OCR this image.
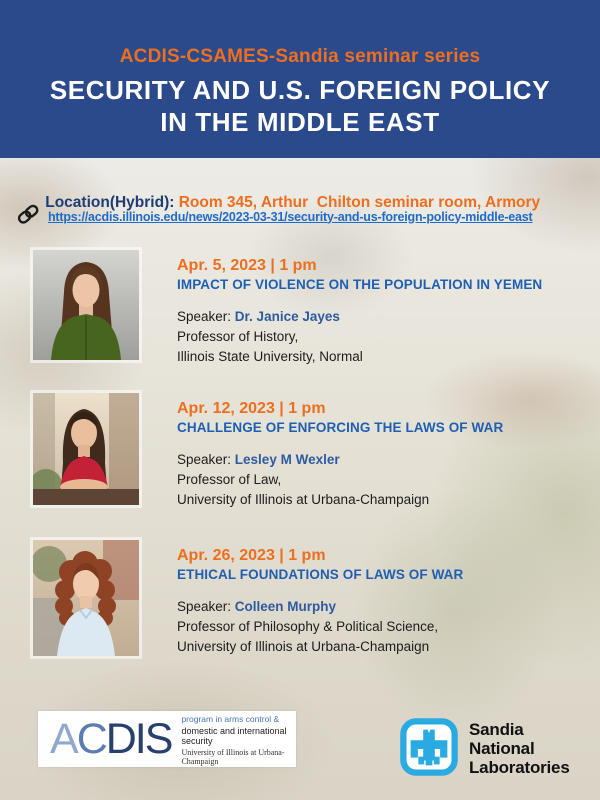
ACDIS-CSAMES-Sandia seminar series
SECURITY AND U.S. FOREIGN POLICY
IN THE MIDDLE EAST

Location(Hybrid): Room 345, Arthur  Chilton seminar room, Armory

https://acdis.illinois.edu/news/2023-03-31/security-and-us-foreign-policy-middle-east
Apr. 5, 2023 | 1 pm
IMPACT OF VIOLENCE ON THE POPULATION IN YEMEN
Speaker: Dr. Janice Jayes
Professor of History,
Illinois State University, Normal
Apr. 12, 2023 | 1 pm
CHALLENGE OF ENFORCING THE LAWS OF WAR
Speaker: Lesley M Wexler
Professor of Law,
University of Illinois at Urbana-Champaign
Apr. 26, 2023 | 1 pm
ETHICAL FOUNDATIONS OF LAWS OF WAR
Speaker: Colleen Murphy
Professor of Philosophy & Political Science,
University of Illinois at Urbana-Champaign
ACDIS program in arms control &
domestic and international security
University of Illinois at Urbana-Champaign
Sandia
National
Laboratories
